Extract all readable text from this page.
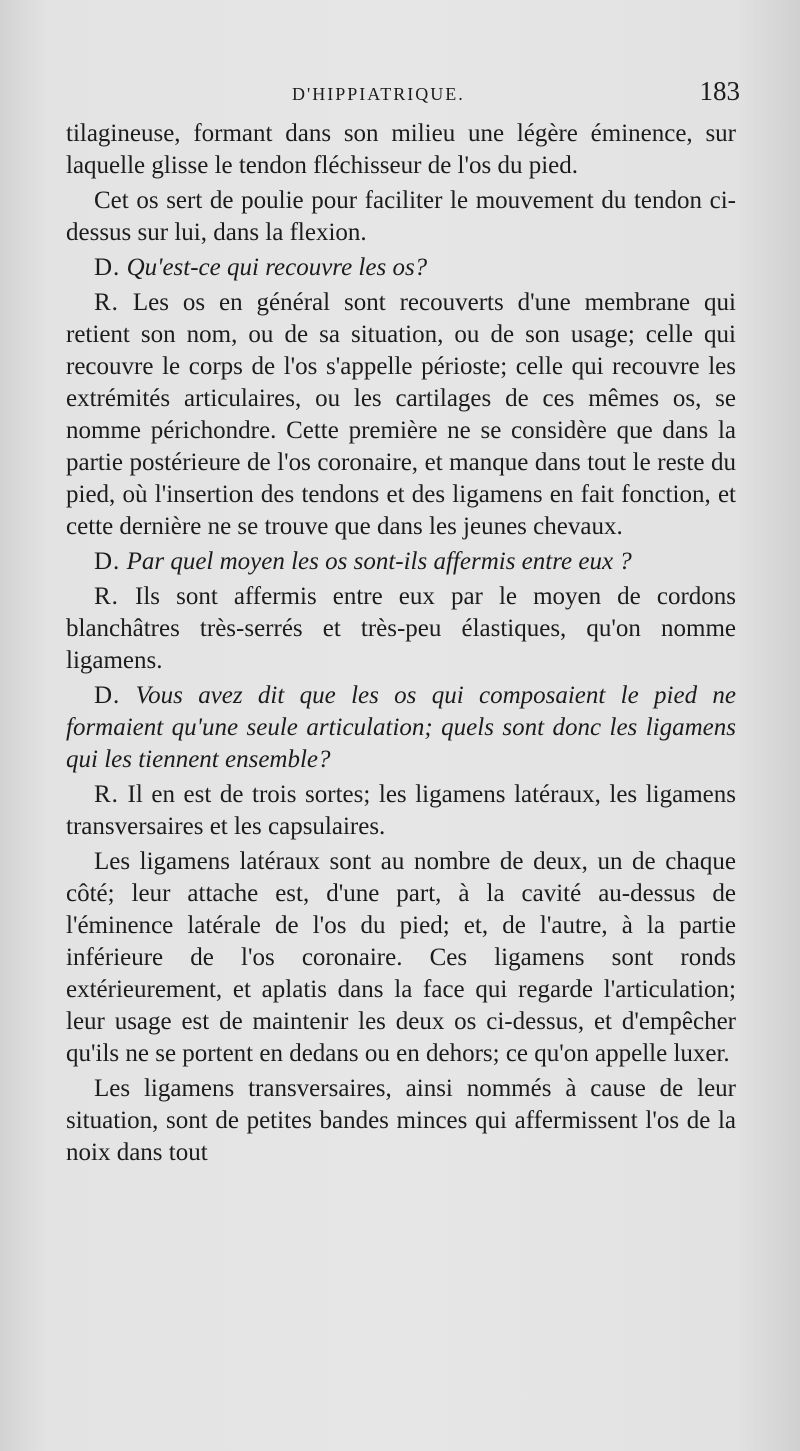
D'HIPPIATRIQUE.	183

tilagineuse, formant dans son milieu une légère éminence, sur laquelle glisse le tendon fléchisseur de l'os du pied.

Cet os sert de poulie pour faciliter le mouvement du tendon ci-dessus sur lui, dans la flexion.

D. Qu'est-ce qui recouvre les os?

R. Les os en général sont recouverts d'une membrane qui retient son nom, ou de sa situation, ou de son usage; celle qui recouvre le corps de l'os s'appelle périoste; celle qui recouvre les extrémités articulaires, ou les cartilages de ces mêmes os, se nomme périchondre. Cette première ne se considère que dans la partie postérieure de l'os coronaire, et manque dans tout le reste du pied, où l'insertion des tendons et des ligamens en fait fonction, et cette dernière ne se trouve que dans les jeunes chevaux.

D. Par quel moyen les os sont-ils affermis entre eux ?

R. Ils sont affermis entre eux par le moyen de cordons blanchâtres très-serrés et très-peu élastiques, qu'on nomme ligamens.

D. Vous avez dit que les os qui composaient le pied ne formaient qu'une seule articulation; quels sont donc les ligamens qui les tiennent ensemble?

R. Il en est de trois sortes; les ligamens latéraux, les ligamens transversaires et les capsulaires.

Les ligamens latéraux sont au nombre de deux, un de chaque côté; leur attache est, d'une part, à la cavité au-dessus de l'éminence latérale de l'os du pied; et, de l'autre, à la partie inférieure de l'os coronaire. Ces ligamens sont ronds extérieurement, et aplatis dans la face qui regarde l'articulation; leur usage est de maintenir les deux os ci-dessus, et d'empêcher qu'ils ne se portent en dedans ou en dehors; ce qu'on appelle luxer.

Les ligamens transversaires, ainsi nommés à cause de leur situation, sont de petites bandes minces qui affermissent l'os de la noix dans tout
